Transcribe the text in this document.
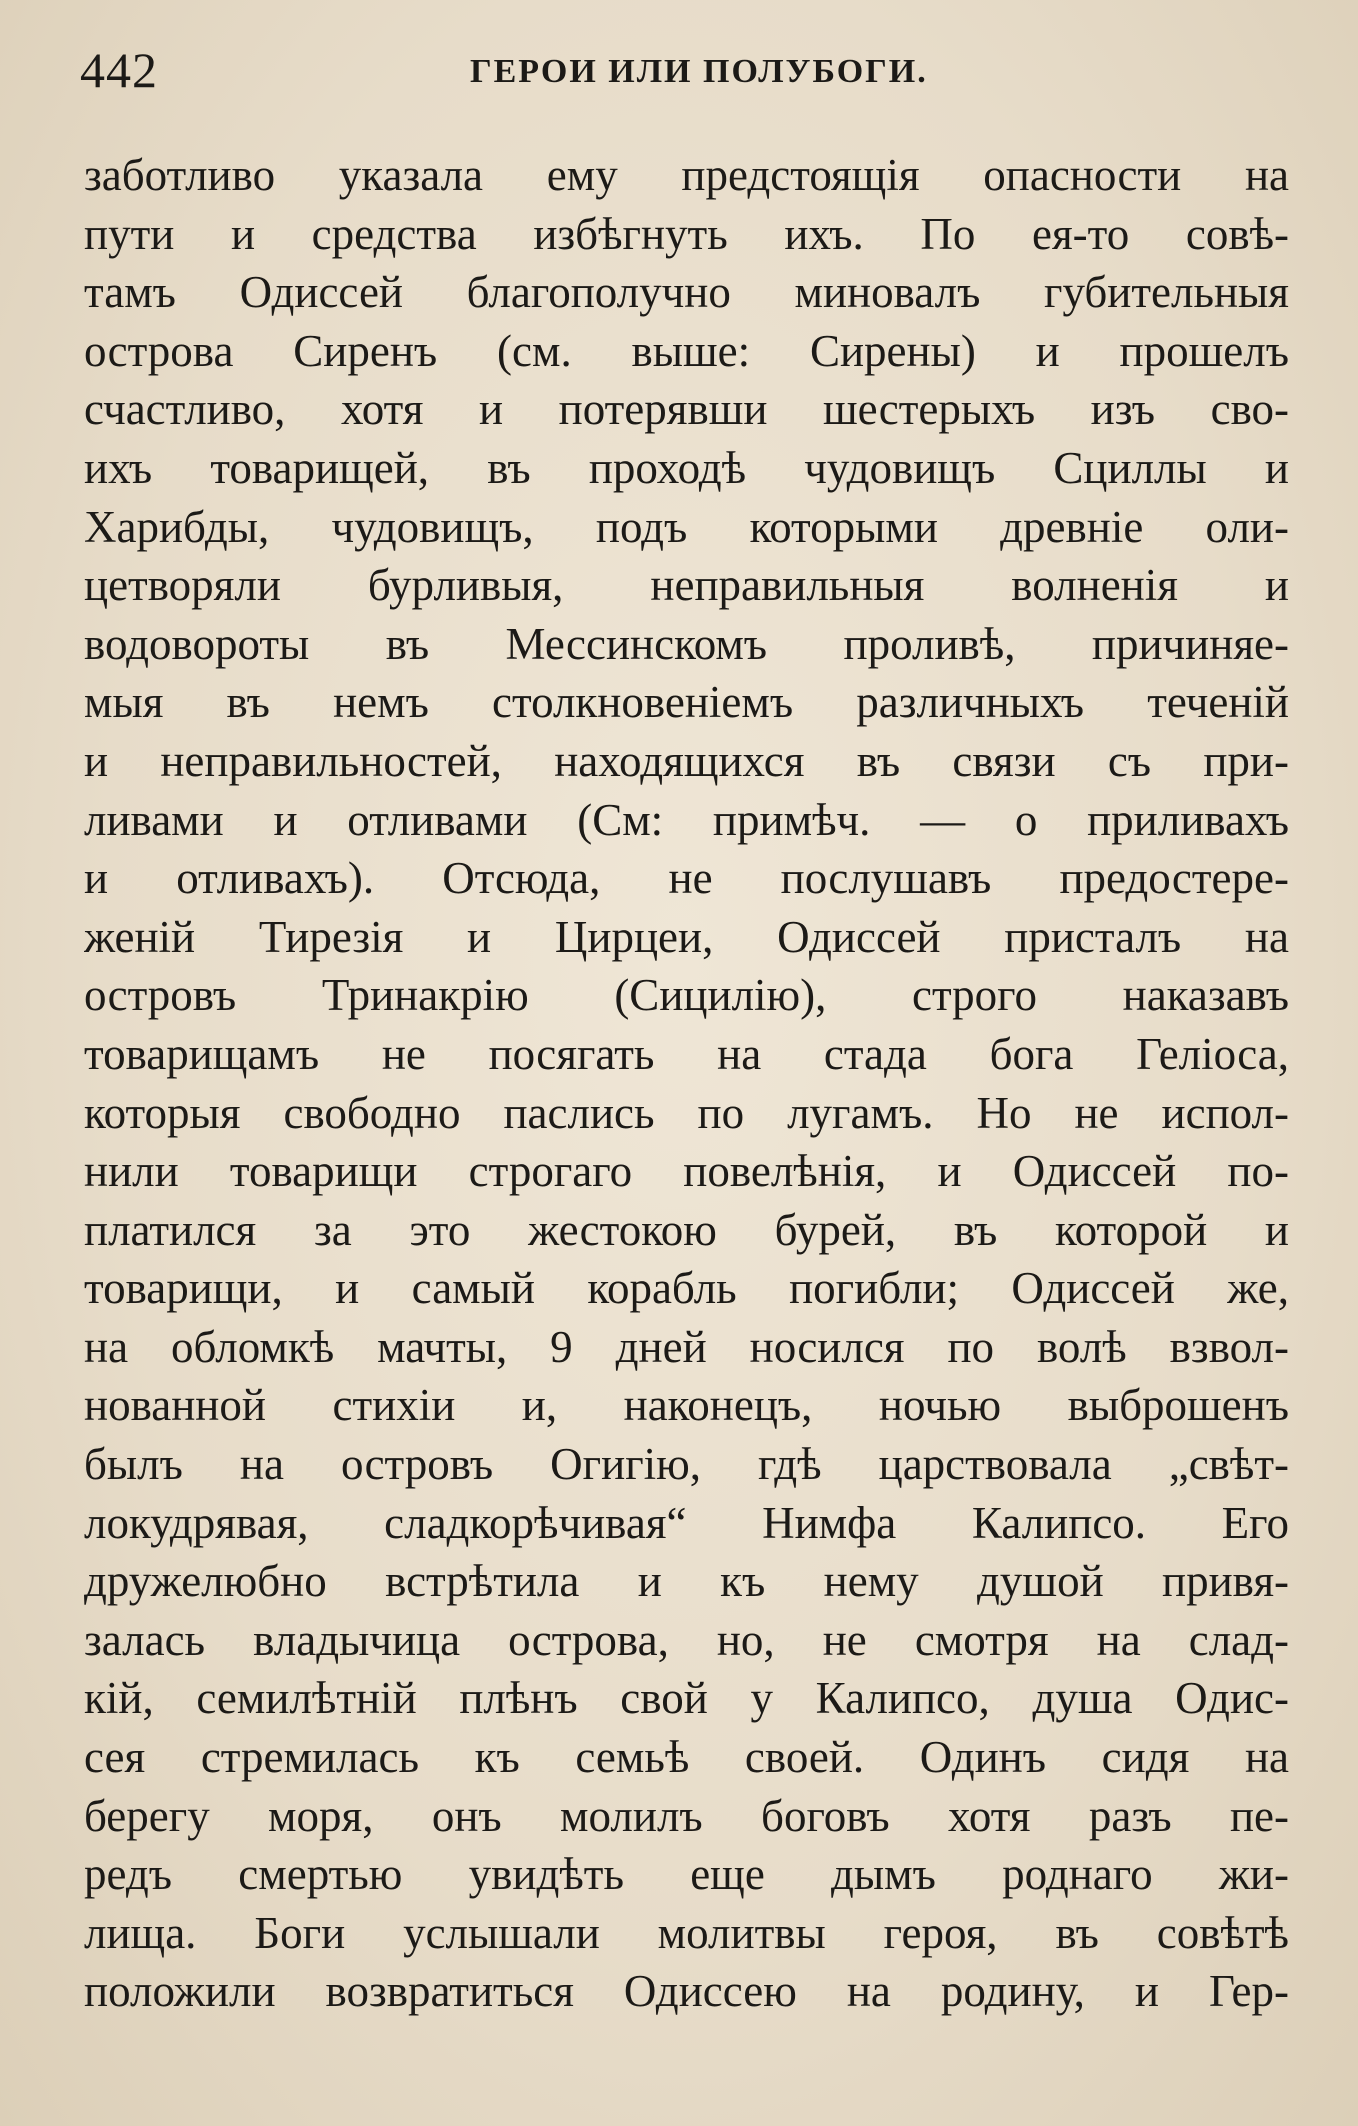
442	ГЕРОИ ИЛИ ПОЛУБОГИ.
заботливо указала ему предстоящія опасности на
пути и средства избѣгнуть ихъ. По ея-то совѣ-
тамъ Одиссей благополучно миновалъ губительныя
острова Сиренъ (см. выше: Сирены) и прошелъ
счастливо, хотя и потерявши шестерыхъ изъ сво-
ихъ товарищей, въ проходѣ чудовищъ Сциллы и
Харибды, чудовищъ, подъ которыми древніе оли-
цетворяли бурливыя, неправильныя волненія и
водовороты въ Мессинскомъ проливѣ, причиняе-
мыя въ немъ столкновеніемъ различныхъ теченій
и неправильностей, находящихся въ связи съ при-
ливами и отливами (См: примѣч. — о приливахъ
и отливахъ). Отсюда, не послушавъ предостере-
женій Тирезія и Цирцеи, Одиссей присталъ на
островъ Тринакрію (Сицилію), строго наказавъ
товарищамъ не посягать на стада бога Геліоса,
которыя свободно паслись по лугамъ. Но не испол-
нили товарищи строгаго повелѣнія, и Одиссей по-
платился за это жестокою бурей, въ которой и
товарищи, и самый корабль погибли; Одиссей же,
на обломкѣ мачты, 9 дней носился по волѣ взвол-
нованной стихіи и, наконецъ, ночью выброшенъ
былъ на островъ Огигію, гдѣ царствовала „свѣт-
локудрявая, сладкорѣчивая“ Нимфа Калипсо. Его
дружелюбно встрѣтила и къ нему душой привя-
залась владычица острова, но, не смотря на слад-
кій, семилѣтній плѣнъ свой у Калипсо, душа Одис-
сея стремилась къ семьѣ своей. Одинъ сидя на
берегу моря, онъ молилъ боговъ хотя разъ пе-
редъ смертью увидѣть еще дымъ роднаго жи-
лища. Боги услышали молитвы героя, въ совѣтѣ
положили возвратиться Одиссею на родину, и Гер-
